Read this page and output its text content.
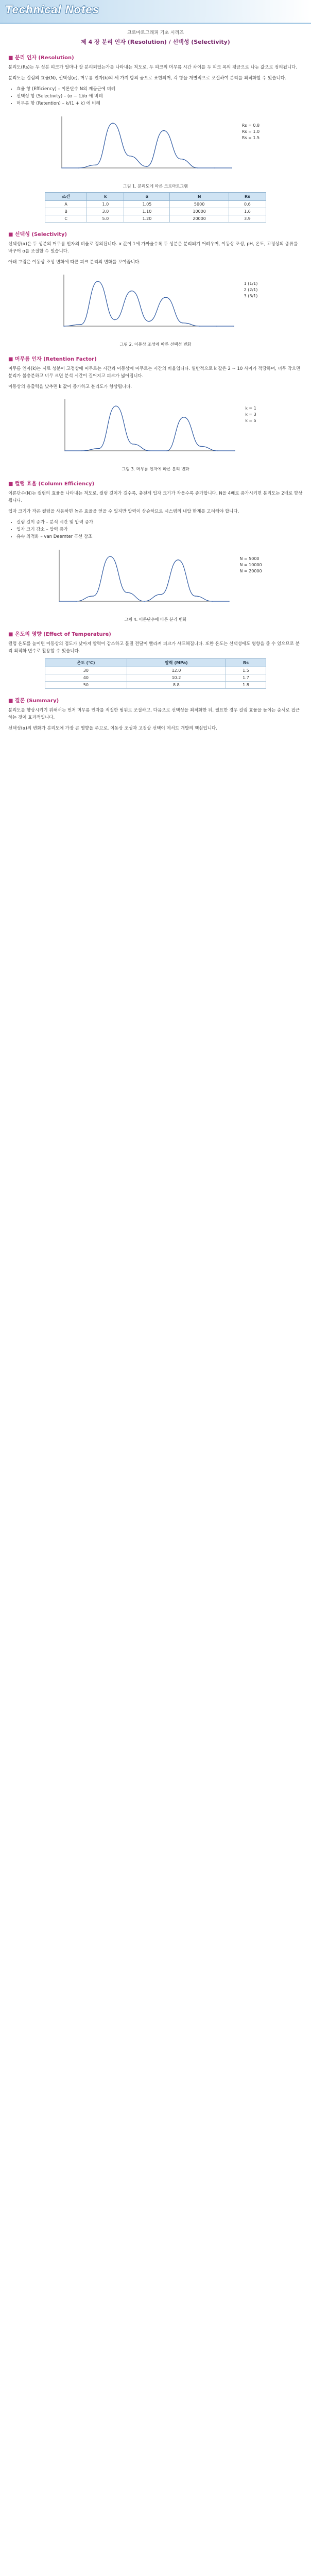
Technical Notes
크로마토그래피 기초 시리즈
제 4 장 분리 인자 (Resolution) / 선택성 (Selectivity)
■ 분리 인자 (Resolution)

분리도(Rs)는 두 성분 피크가 얼마나 잘 분리되었는가를 나타내는 척도로, 두 피크의 머무름 시간 차이를 두 피크 폭의 평균으로 나눈 값으로 정의됩니다.

분리도는 컬럼의 효율(N), 선택성(α), 머무름 인자(k)의 세 가지 항의 곱으로 표현되며, 각 항을 개별적으로 조절하여 분리를 최적화할 수 있습니다.

• 효율 항 (Efficiency) – 이론단수 N의 제곱근에 비례
• 선택성 항 (Selectivity) – (α − 1)/α 에 비례
• 머무름 항 (Retention) – k/(1 + k) 에 비례
Rs = 0.8
Rs = 1.0
Rs = 1.5
그림 1. 분리도에 따른 크로마토그램
조건	k	α	N	Rs
A	1.0	1.05	5000	0.6
B	3.0	1.10	10000	1.6
C	5.0	1.20	20000	3.9
■ 선택성 (Selectivity)

선택성(α)은 두 성분의 머무름 인자의 비율로 정의됩니다. α 값이 1에 가까울수록 두 성분은 분리되기 어려우며, 이동상 조성, pH, 온도, 고정상의 종류를 바꾸어 α를 조절할 수 있습니다.

아래 그림은 이동상 조성 변화에 따른 피크 분리의 변화를 보여줍니다.

1 (1/1)
2 (2/1)
3 (3/1)
그림 2. 이동상 조성에 따른 선택성 변화
■ 머무름 인자 (Retention Factor)

머무름 인자(k)는 시료 성분이 고정상에 머무르는 시간과 이동상에 머무르는 시간의 비율입니다. 일반적으로 k 값은 2 ~ 10 사이가 적당하며, 너무 작으면 분리가 불충분하고 너무 크면 분석 시간이 길어지고 피크가 넓어집니다.

이동상의 용출력을 낮추면 k 값이 증가하고 분리도가 향상됩니다.

k = 1
k = 3
k = 5
그림 3. 머무름 인자에 따른 분리 변화
■ 컬럼 효율 (Column Efficiency)

이론단수(N)는 컬럼의 효율을 나타내는 척도로, 컬럼 길이가 길수록, 충전제 입자 크기가 작을수록 증가합니다. N을 4배로 증가시키면 분리도는 2배로 향상됩니다.

입자 크기가 작은 컬럼을 사용하면 높은 효율을 얻을 수 있지만 압력이 상승하므로 시스템의 내압 한계를 고려해야 합니다.

• 컬럼 길이 증가 – 분석 시간 및 압력 증가
• 입자 크기 감소 – 압력 증가
• 유속 최적화 – van Deemter 곡선 참조
N = 5000
N = 10000
N = 20000
그림 4. 이론단수에 따른 분리 변화
■ 온도의 영향 (Effect of Temperature)

컬럼 온도를 높이면 이동상의 점도가 낮아져 압력이 감소하고 물질 전달이 빨라져 피크가 샤프해집니다. 또한 온도는 선택성에도 영향을 줄 수 있으므로 분리 최적화 변수로 활용할 수 있습니다.

온도 (℃)	압력 (MPa)	Rs
30	12.0	1.5
40	10.2	1.7
50	8.8	1.8
■ 결론 (Summary)

분리도를 향상시키기 위해서는 먼저 머무름 인자를 적절한 범위로 조절하고, 다음으로 선택성을 최적화한 뒤, 필요한 경우 컬럼 효율을 높이는 순서로 접근하는 것이 효과적입니다.

선택성(α)의 변화가 분리도에 가장 큰 영향을 주므로, 이동상 조성과 고정상 선택이 메서드 개발의 핵심입니다.
